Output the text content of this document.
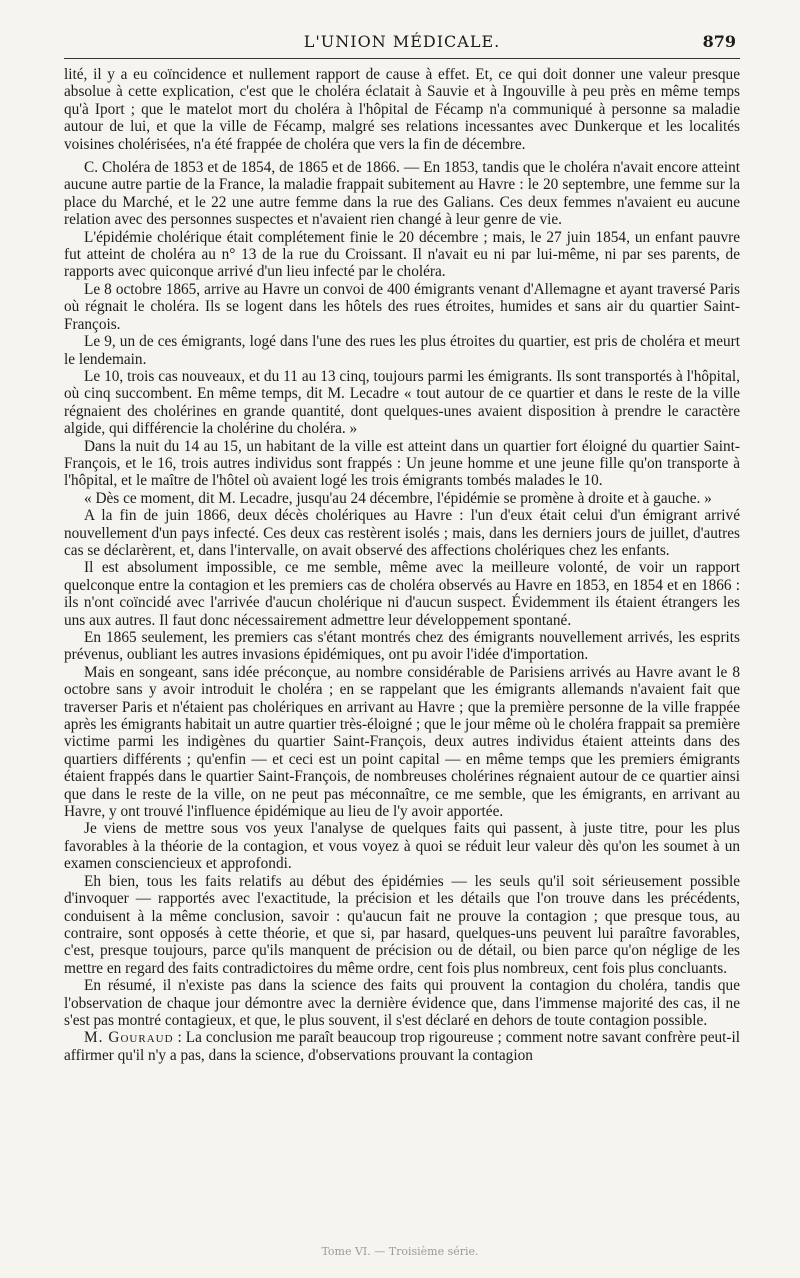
L'UNION MÉDICALE.	879

lité, il y a eu coïncidence et nullement rapport de cause à effet. Et, ce qui doit donner une valeur presque absolue à cette explication, c'est que le choléra éclatait à Sauvie et à Ingouville à peu près en même temps qu'à Iport ; que le matelot mort du choléra à l'hôpital de Fécamp n'a communiqué à personne sa maladie autour de lui, et que la ville de Fécamp, malgré ses relations incessantes avec Dunkerque et les localités voisines cholérisées, n'a été frappée de choléra que vers la fin de décembre.

C. Choléra de 1853 et de 1854, de 1865 et de 1866. — En 1853, tandis que le choléra n'avait encore atteint aucune autre partie de la France, la maladie frappait subitement au Havre : le 20 septembre, une femme sur la place du Marché, et le 22 une autre femme dans la rue des Galians. Ces deux femmes n'avaient eu aucune relation avec des personnes suspectes et n'avaient rien changé à leur genre de vie.

L'épidémie cholérique était complétement finie le 20 décembre ; mais, le 27 juin 1854, un enfant pauvre fut atteint de choléra au n° 13 de la rue du Croissant. Il n'avait eu ni par lui-même, ni par ses parents, de rapports avec quiconque arrivé d'un lieu infecté par le choléra.

Le 8 octobre 1865, arrive au Havre un convoi de 400 émigrants venant d'Allemagne et ayant traversé Paris où régnait le choléra. Ils se logent dans les hôtels des rues étroites, humides et sans air du quartier Saint-François.

Le 9, un de ces émigrants, logé dans l'une des rues les plus étroites du quartier, est pris de choléra et meurt le lendemain.

Le 10, trois cas nouveaux, et du 11 au 13 cinq, toujours parmi les émigrants. Ils sont transportés à l'hôpital, où cinq succombent. En même temps, dit M. Lecadre « tout autour de ce quartier et dans le reste de la ville régnaient des cholérines en grande quantité, dont quelques-unes avaient disposition à prendre le caractère algide, qui différencie la cholérine du choléra. »

Dans la nuit du 14 au 15, un habitant de la ville est atteint dans un quartier fort éloigné du quartier Saint-François, et le 16, trois autres individus sont frappés : Un jeune homme et une jeune fille qu'on transporte à l'hôpital, et le maître de l'hôtel où avaient logé les trois émigrants tombés malades le 10.

« Dès ce moment, dit M. Lecadre, jusqu'au 24 décembre, l'épidémie se promène à droite et à gauche. »

A la fin de juin 1866, deux décès cholériques au Havre : l'un d'eux était celui d'un émigrant arrivé nouvellement d'un pays infecté. Ces deux cas restèrent isolés ; mais, dans les derniers jours de juillet, d'autres cas se déclarèrent, et, dans l'intervalle, on avait observé des affections cholériques chez les enfants.

Il est absolument impossible, ce me semble, même avec la meilleure volonté, de voir un rapport quelconque entre la contagion et les premiers cas de choléra observés au Havre en 1853, en 1854 et en 1866 : ils n'ont coïncidé avec l'arrivée d'aucun cholérique ni d'aucun suspect. Évidemment ils étaient étrangers les uns aux autres. Il faut donc nécessairement admettre leur développement spontané.

En 1865 seulement, les premiers cas s'étant montrés chez des émigrants nouvellement arrivés, les esprits prévenus, oubliant les autres invasions épidémiques, ont pu avoir l'idée d'importation.

Mais en songeant, sans idée préconçue, au nombre considérable de Parisiens arrivés au Havre avant le 8 octobre sans y avoir introduit le choléra ; en se rappelant que les émigrants allemands n'avaient fait que traverser Paris et n'étaient pas cholériques en arrivant au Havre ; que la première personne de la ville frappée après les émigrants habitait un autre quartier très-éloigné ; que le jour même où le choléra frappait sa première victime parmi les indigènes du quartier Saint-François, deux autres individus étaient atteints dans des quartiers différents ; qu'enfin — et ceci est un point capital — en même temps que les premiers émigrants étaient frappés dans le quartier Saint-François, de nombreuses cholérines régnaient autour de ce quartier ainsi que dans le reste de la ville, on ne peut pas méconnaître, ce me semble, que les émigrants, en arrivant au Havre, y ont trouvé l'influence épidémique au lieu de l'y avoir apportée.

Je viens de mettre sous vos yeux l'analyse de quelques faits qui passent, à juste titre, pour les plus favorables à la théorie de la contagion, et vous voyez à quoi se réduit leur valeur dès qu'on les soumet à un examen consciencieux et approfondi.

Eh bien, tous les faits relatifs au début des épidémies — les seuls qu'il soit sérieusement possible d'invoquer — rapportés avec l'exactitude, la précision et les détails que l'on trouve dans les précédents, conduisent à la même conclusion, savoir : qu'aucun fait ne prouve la contagion ; que presque tous, au contraire, sont opposés à cette théorie, et que si, par hasard, quelques-uns peuvent lui paraître favorables, c'est, presque toujours, parce qu'ils manquent de précision ou de détail, ou bien parce qu'on néglige de les mettre en regard des faits contradictoires du même ordre, cent fois plus nombreux, cent fois plus concluants.

En résumé, il n'existe pas dans la science des faits qui prouvent la contagion du choléra, tandis que l'observation de chaque jour démontre avec la dernière évidence que, dans l'immense majorité des cas, il ne s'est pas montré contagieux, et que, le plus souvent, il s'est déclaré en dehors de toute contagion possible.

M. Gouraud : La conclusion me paraît beaucoup trop rigoureuse ; comment notre savant confrère peut-il affirmer qu'il n'y a pas, dans la science, d'observations prouvant la contagion

Tome VI. — Troisième série.
